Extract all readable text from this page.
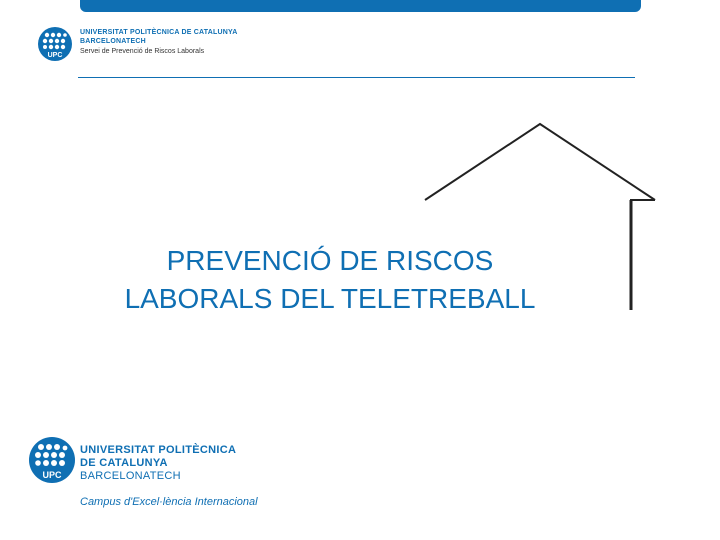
UPC
UNIVERSITAT POLITÈCNICA DE CATALUNYA
BARCELONATECH
Servei de Prevenció de Riscos Laborals
PREVENCIÓ DE RISCOS
LABORALS DEL TELETREBALL
UPC
UNIVERSITAT POLITÈCNICA
DE CATALUNYA
BARCELONATECH
Campus d'Excel·lència Internacional
